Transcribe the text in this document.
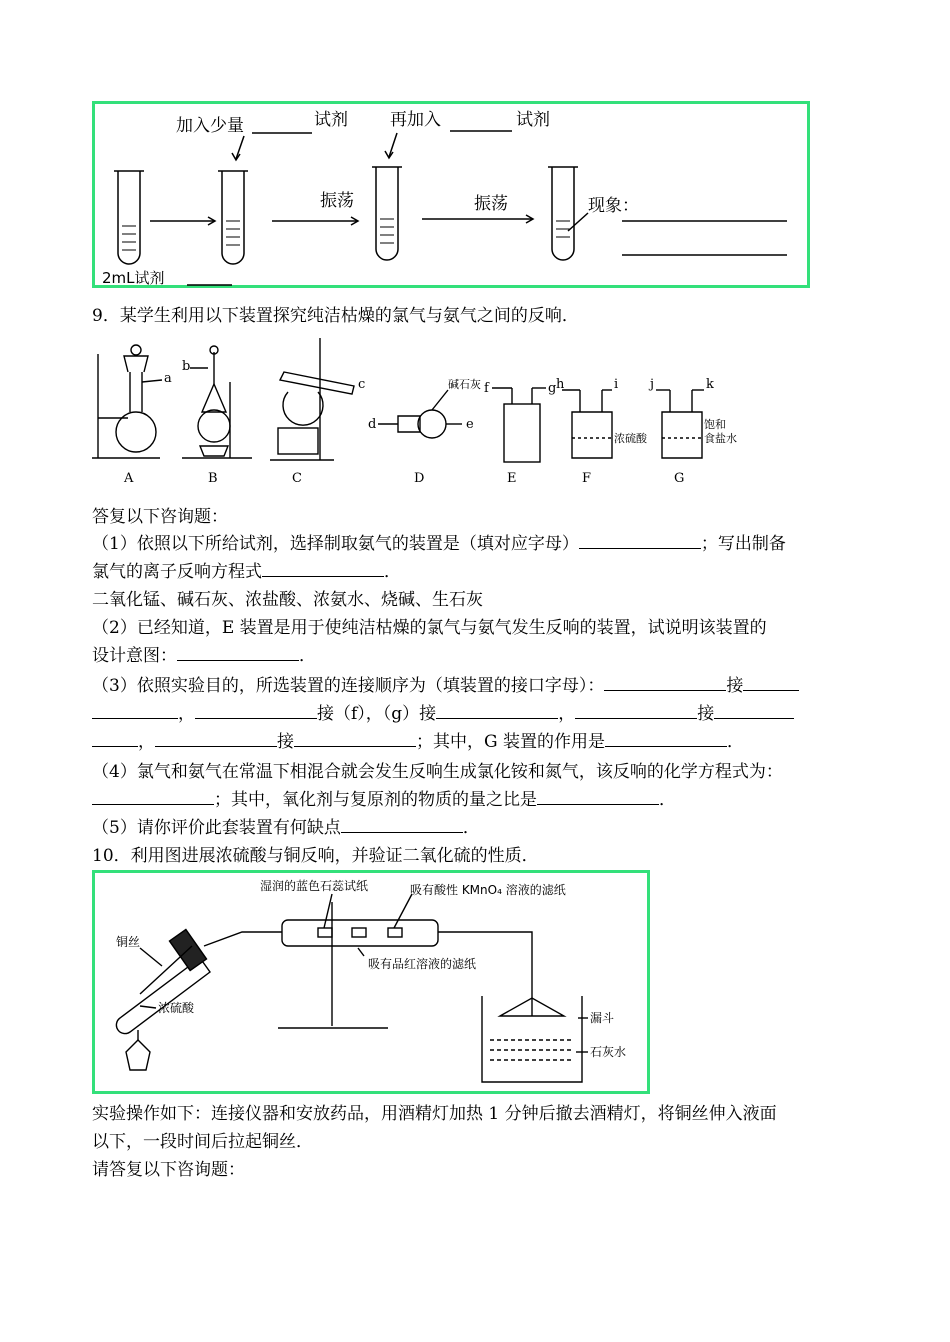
加入少量	试剂 再加入	试剂
振荡	振荡	现象：
2mL试剂
9．某学生利用以下装置探究纯洁枯燥的氯气与氨气之间的反响．
A	B	C	D	E	F	G
a
b
c
d	e
f	g h	i j	k
碱石灰
浓硫酸
饱和
食盐水
答复以下咨询题：
（1）依照以下所给试剂，选择制取氨气的装置是（填对应字母）	；写出制备
氯气的离子反响方程式	．
二氧化锰、碱石灰、浓盐酸、浓氨水、烧碱、生石灰
（2）已经知道，E 装置是用于使纯洁枯燥的氯气与氨气发生反响的装置，试说明该装置的
设计意图：	．
（3）依照实验目的，所选装置的连接顺序为（填装置的接口字母）：	接
，	接（f），（g）接	，	接
，	接	；其中，G 装置的作用是	．
（4）氯气和氨气在常温下相混合就会发生反响生成氯化铵和氮气，该反响的化学方程式为：
；其中，氧化剂与复原剂的物质的量之比是	．
（5）请你评价此套装置有何缺点	．
10．利用图进展浓硫酸与铜反响，并验证二氧化硫的性质．
湿润的蓝色石蕊试纸	吸有酸性 KMnO₄ 溶液的滤纸
吸有品红溶液的滤纸
铜丝
浓硫酸
漏斗
石灰水
实验操作如下：连接仪器和安放药品，用酒精灯加热 1 分钟后撤去酒精灯，将铜丝伸入液面
以下，一段时间后拉起铜丝．
请答复以下咨询题：
